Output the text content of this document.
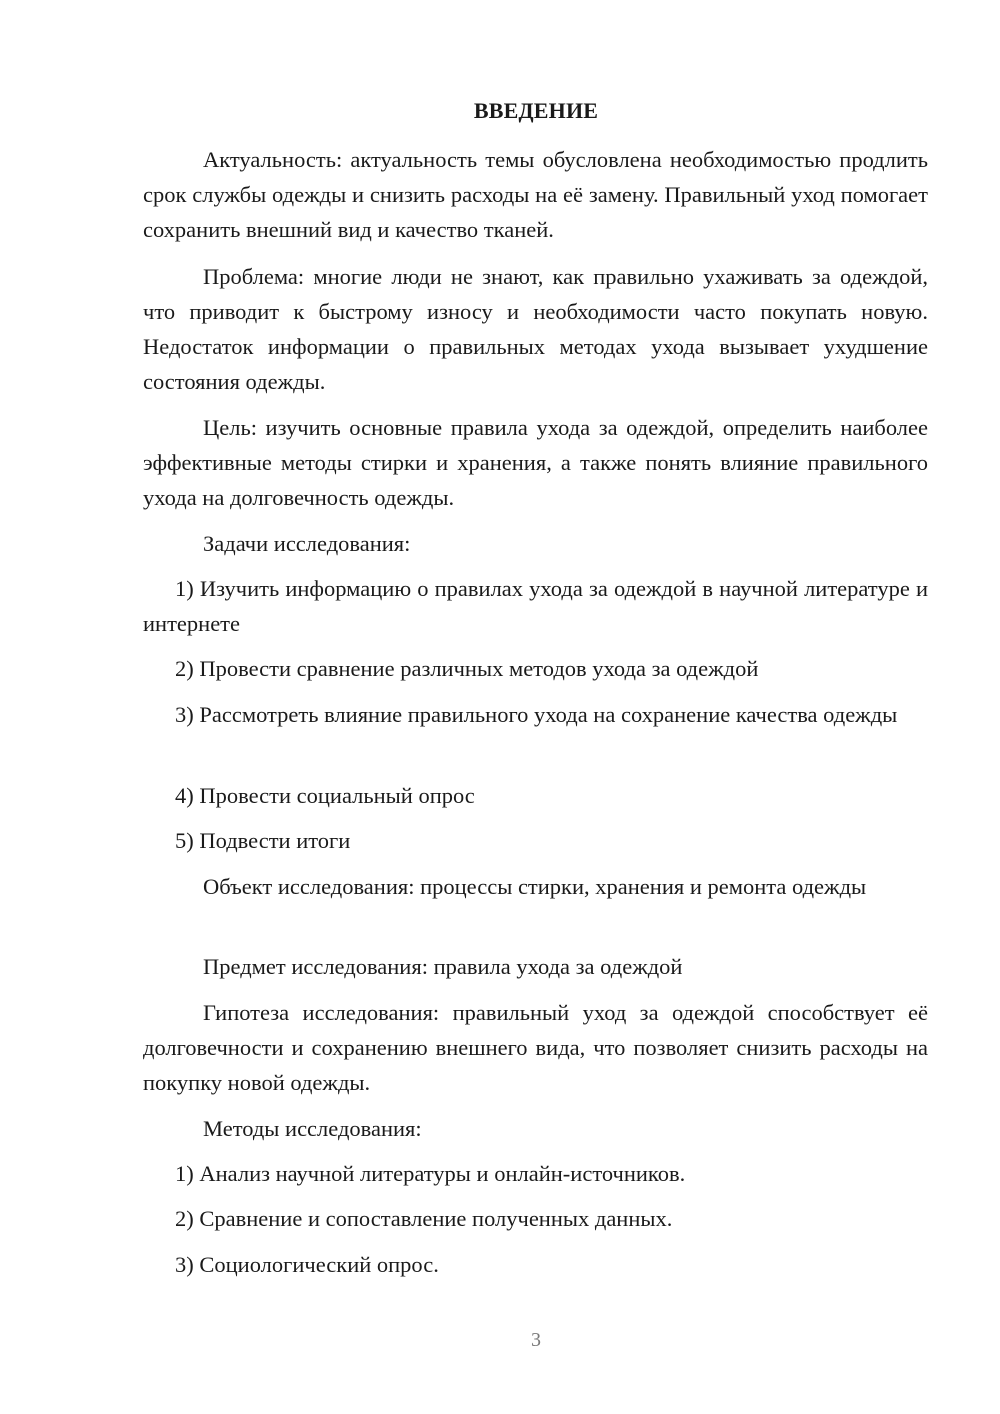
ВВЕДЕНИЕ
Актуальность: актуальность темы обусловлена необходимостью продлить срок службы одежды и снизить расходы на её замену. Правильный уход помогает сохранить внешний вид и качество тканей.
Проблема: многие люди не знают, как правильно ухаживать за одеждой, что приводит к быстрому износу и необходимости часто покупать новую. Недостаток информации о правильных методах ухода вызывает ухудшение состояния одежды.
Цель: изучить основные правила ухода за одеждой, определить наиболее эффективные методы стирки и хранения, а также понять влияние правильного ухода на долговечность одежды.
Задачи исследования:
1) Изучить информацию о правилах ухода за одеждой в научной литературе и интернете
2) Провести сравнение различных методов ухода за одеждой
3) Рассмотреть влияние правильного ухода на сохранение качества одежды
4) Провести социальный опрос
5) Подвести итоги
Объект исследования: процессы стирки, хранения и ремонта одежды
Предмет исследования: правила ухода за одеждой
Гипотеза исследования: правильный уход за одеждой способствует её долговечности и сохранению внешнего вида, что позволяет снизить расходы на покупку новой одежды.
Методы исследования:
1) Анализ научной литературы и онлайн-источников.
2) Сравнение и сопоставление полученных данных.
3) Социологический опрос.
3
